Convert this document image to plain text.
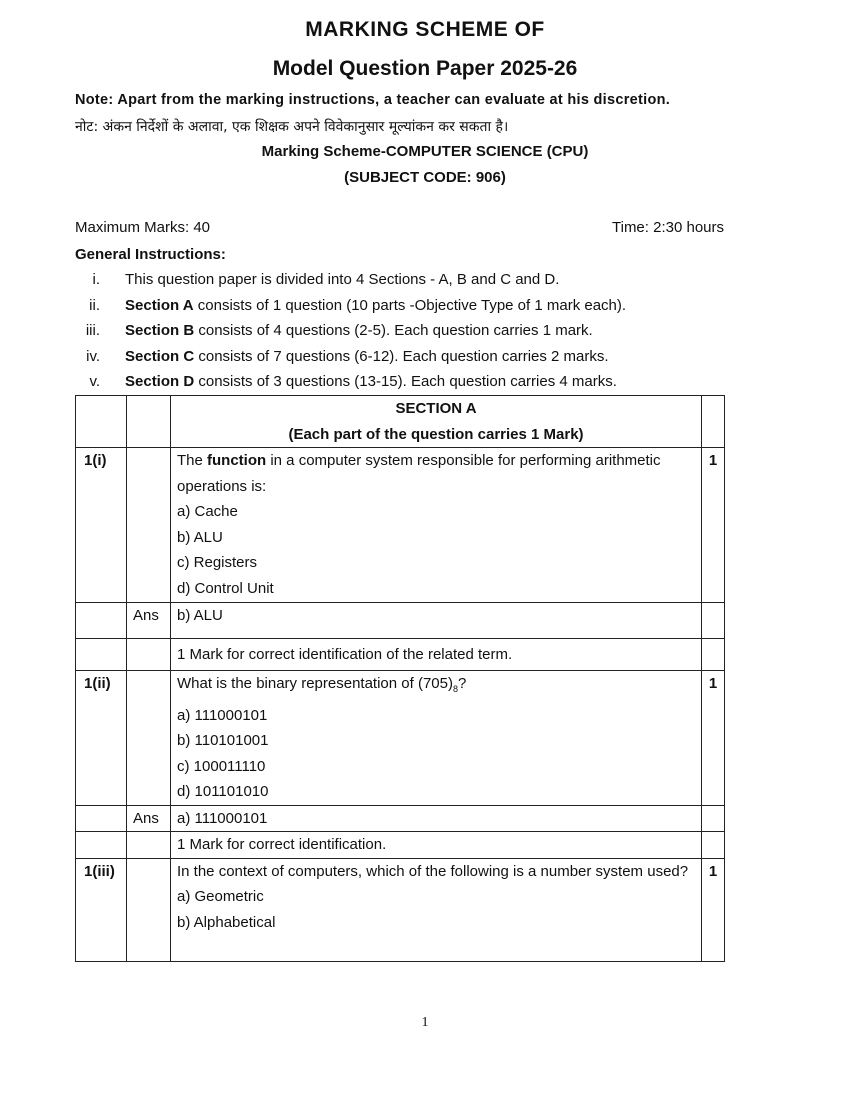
MARKING SCHEME OF
Model Question Paper 2025-26
Note: Apart from the marking instructions, a teacher can evaluate at his discretion.
नोट: अंकन निर्देशों के अलावा, एक शिक्षक अपने विवेकानुसार मूल्यांकन कर सकता है।
Marking Scheme-COMPUTER SCIENCE (CPU)
(SUBJECT CODE: 906)
Maximum Marks: 40	Time: 2:30 hours
General Instructions:
i. This question paper is divided into 4 Sections - A, B and C and D.
ii. Section A consists of 1 question (10 parts -Objective Type of 1 mark each).
iii. Section B consists of 4 questions (2-5). Each question carries 1 mark.
iv. Section C consists of 7 questions (6-12). Each question carries 2 marks.
v. Section D consists of 3 questions (13-15). Each question carries 4 marks.

		SECTION A
(Each part of the question carries 1 Mark)	

1(i)		The function in a computer system responsible for performing arithmetic operations is:
a) Cache
b) ALU
c) Registers
d) Control Unit	1
	Ans	b) ALU	
		1 Mark for correct identification of the related term.	
1(ii)		What is the binary representation of $(705)_8$?
a) 111000101
b) 110101001
c) 100011110
d) 101101010	1
	Ans	a) 111000101	
		1 Mark for correct identification.	
1(iii)		In the context of computers, which of the following is a number system used?
a) Geometric
b) Alphabetical	1
1
